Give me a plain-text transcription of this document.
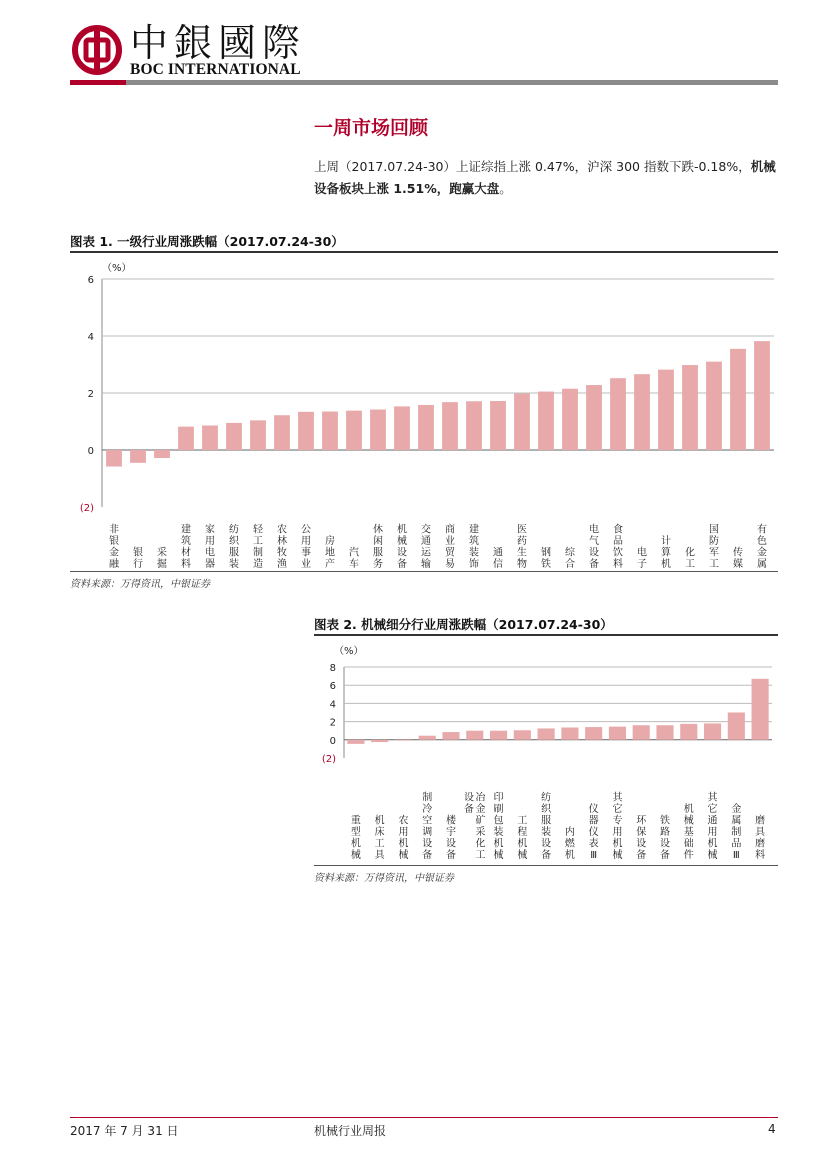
中銀國際
BOC INTERNATIONAL
一周市场回顾
上周（2017.07.24-30）上证综指上涨 0.47%，沪深 300 指数下跌-0.18%，机械设备板块上涨 1.51%，跑赢大盘。
图表 1. 一级行业周涨跌幅（2017.07.24-30）
6
4
2
0
(2)
（%）
非
银
金
融
银
行
采
掘
建
筑
材
料
家
用
电
器
纺
织
服
装
轻
工
制
造
农
林
牧
渔
公
用
事
业
房
地
产
汽
车
休
闲
服
务
机
械
设
备
交
通
运
输
商
业
贸
易
建
筑
装
饰
通
信
医
药
生
物
钢
铁
综
合
电
气
设
备
食
品
饮
料
电
子
计
算
机
化
工
国
防
军
工
传
媒
有
色
金
属
资料来源：万得资讯，中银证券
图表 2. 机械细分行业周涨跌幅（2017.07.24-30）
8
6
4
2
0
(2)
（%）
重
型
机
械
机
床
工
具
农
用
机
械
制
冷
空
调
设
备
楼
宇
设
备
冶
金
矿
采
化
工
设
备
印
刷
包
装
机
械
工
程
机
械
纺
织
服
装
设
备
内
燃
机
仪
器
仪
表
Ⅲ
其
它
专
用
机
械
环
保
设
备
铁
路
设
备
机
械
基
础
件
其
它
通
用
机
械
金
属
制
品
Ⅲ
磨
具
磨
料
资料来源：万得资讯，中银证券
2017 年 7 月 31 日	机械行业周报	4
